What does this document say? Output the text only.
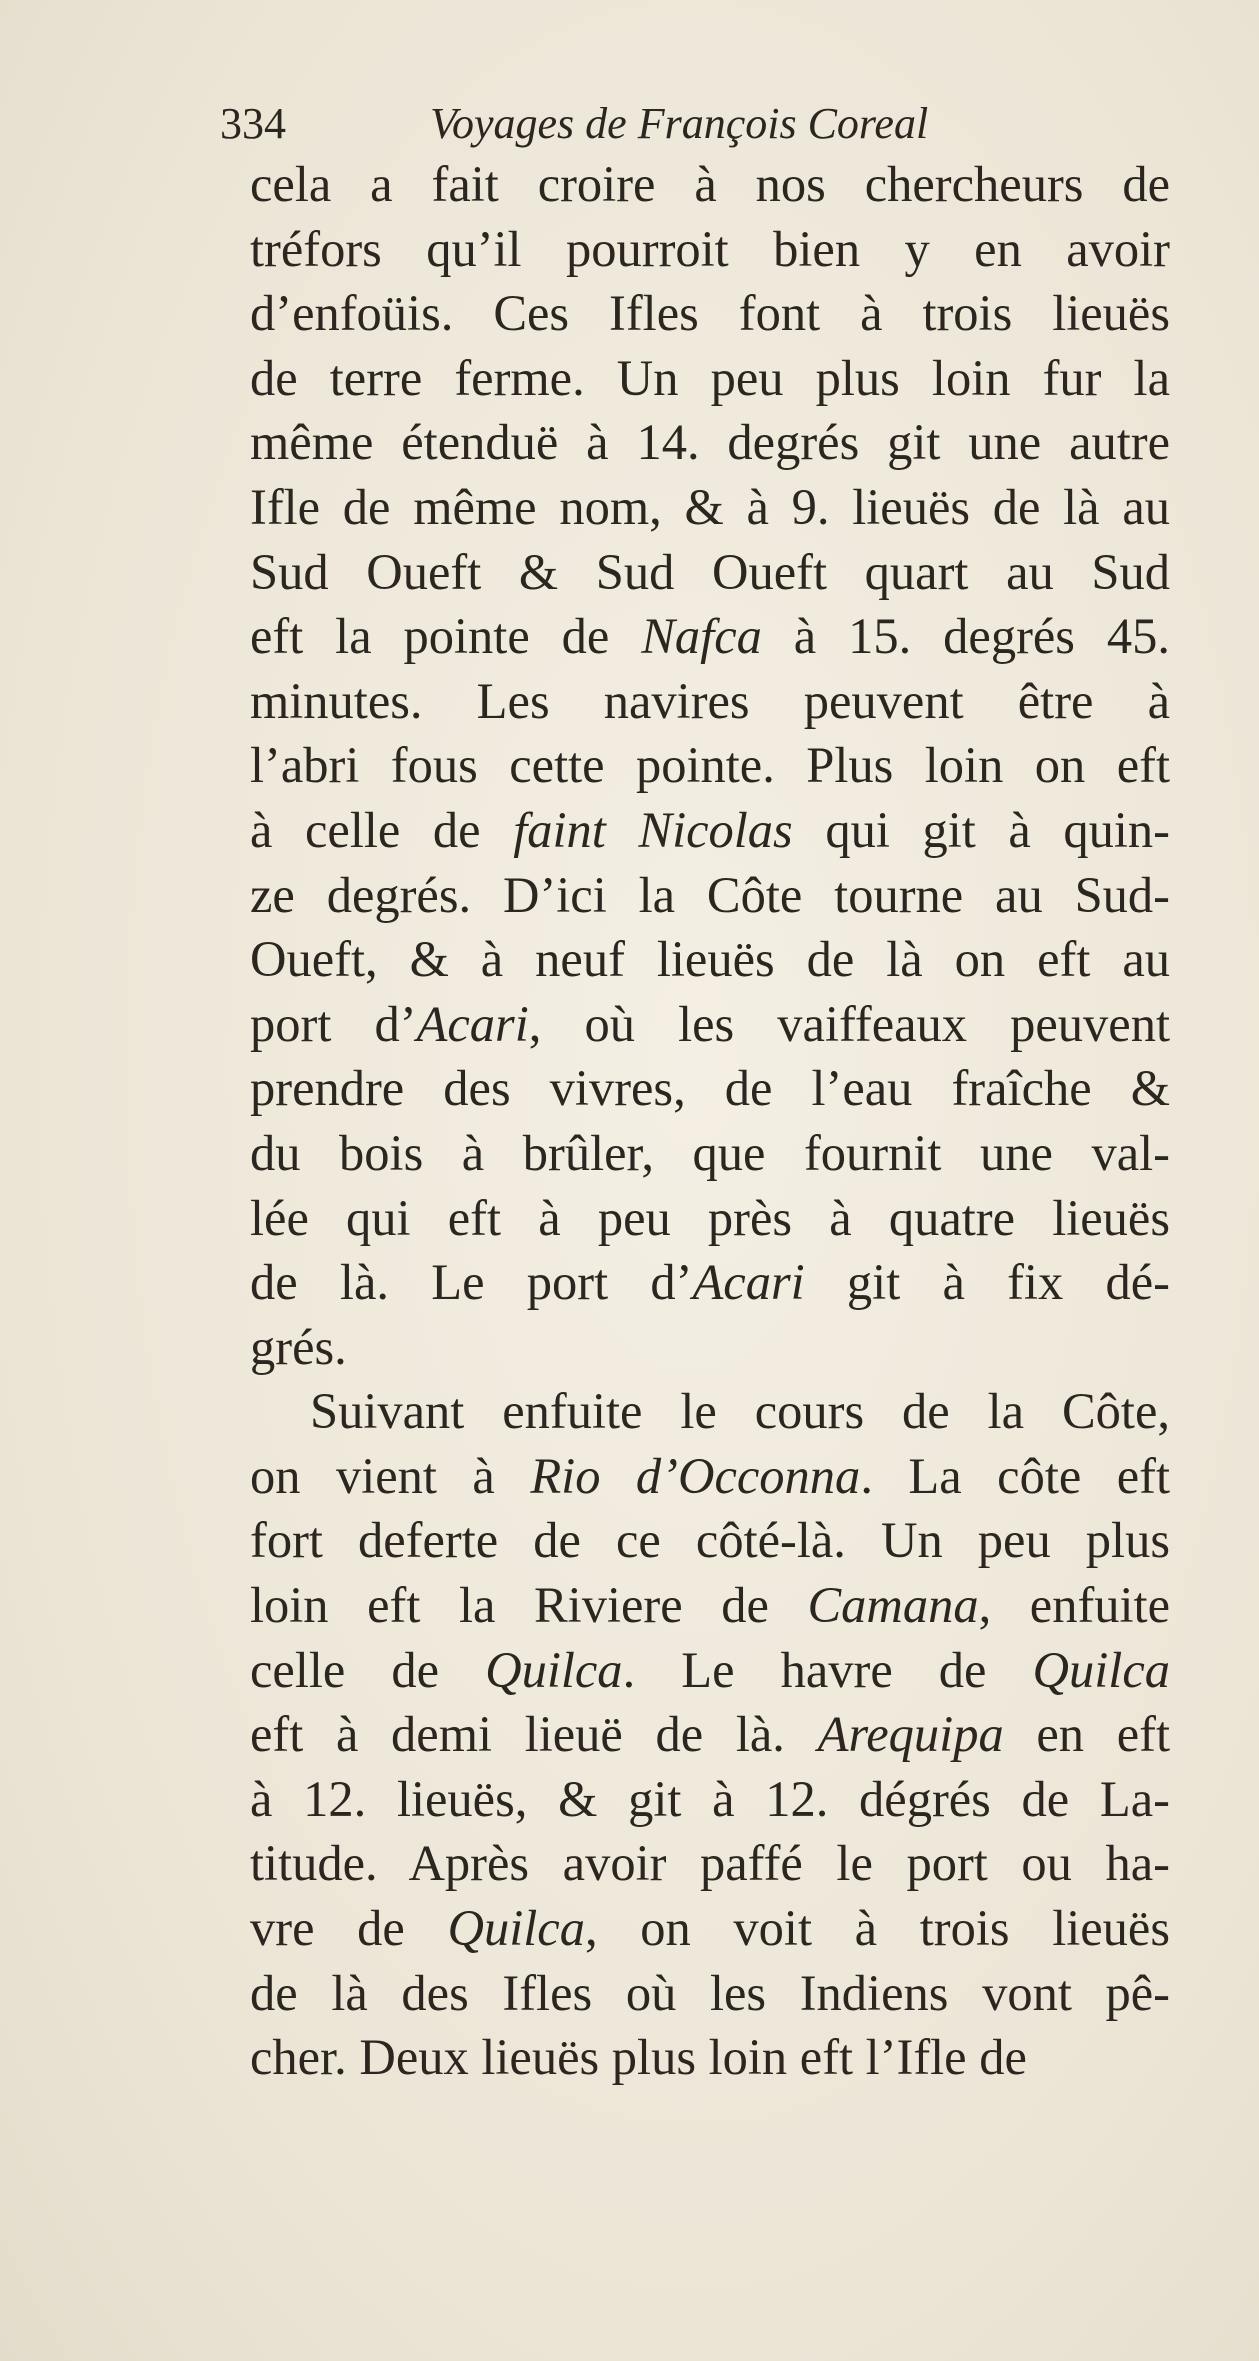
334	Voyages de François Coreal
cela a fait croire à nos chercheurs de
tréfors qu’il pourroit bien y en avoir
d’enfoüis. Ces Ifles font à trois lieuës
de terre ferme. Un peu plus loin fur la
même étenduë à 14. degrés git une autre
Ifle de même nom, & à 9. lieuës de là au
Sud Oueft & Sud Oueft quart au Sud
eft la pointe de Nafca à 15. degrés 45.
minutes. Les navires peuvent être à
l’abri fous cette pointe. Plus loin on eft
à celle de faint Nicolas qui git à quin-
ze degrés. D’ici la Côte tourne au Sud-
Oueft, & à neuf lieuës de là on eft au
port d’Acari, où les vaiffeaux peuvent
prendre des vivres, de l’eau fraîche &
du bois à brûler, que fournit une val-
lée qui eft à peu près à quatre lieuës
de là. Le port d’Acari git à fix dé-
grés.
Suivant enfuite le cours de la Côte,
on vient à Rio d’Occonna. La côte eft
fort deferte de ce côté-là. Un peu plus
loin eft la Riviere de Camana, enfuite
celle de Quilca. Le havre de Quilca
eft à demi lieuë de là. Arequipa en eft
à 12. lieuës, & git à 12. dégrés de La-
titude. Après avoir paffé le port ou ha-
vre de Quilca, on voit à trois lieuës
de là des Ifles où les Indiens vont pê-
cher. Deux lieuës plus loin eft l’Ifle de
